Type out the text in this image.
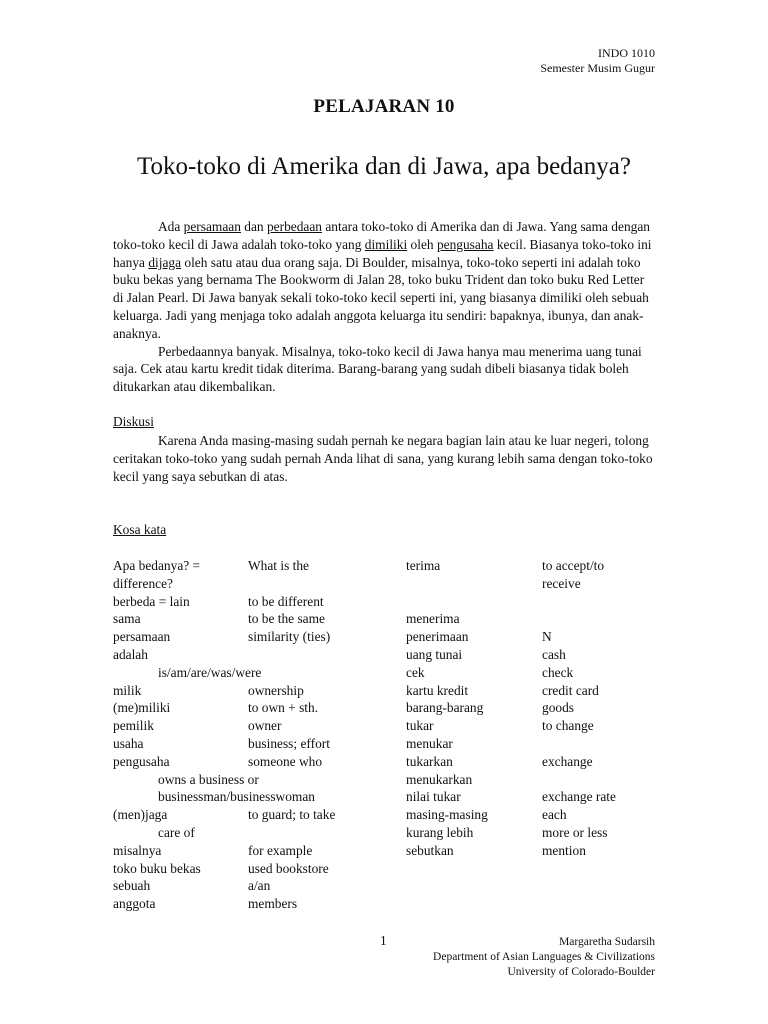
INDO 1010
Semester Musim Gugur
PELAJARAN 10
Toko-toko di Amerika dan di Jawa, apa bedanya?

Ada persamaan dan perbedaan antara toko-toko di Amerika dan di Jawa. Yang sama dengan toko-toko kecil di Jawa adalah toko-toko yang dimiliki oleh pengusaha kecil. Biasanya toko-toko ini hanya dijaga oleh satu atau dua orang saja. Di Boulder, misalnya, toko-toko seperti ini adalah toko buku bekas yang bernama The Bookworm di Jalan 28, toko buku Trident dan toko buku Red Letter di Jalan Pearl. Di Jawa banyak sekali toko-toko kecil seperti ini, yang biasanya dimiliki oleh sebuah keluarga. Jadi yang menjaga toko adalah anggota keluarga itu sendiri: bapaknya, ibunya, dan anak-anaknya.

Perbedaannya banyak. Misalnya, toko-toko kecil di Jawa hanya mau menerima uang tunai saja. Cek atau kartu kredit tidak diterima. Barang-barang yang sudah dibeli biasanya tidak boleh ditukarkan atau dikembalikan.

Diskusi

Karena Anda masing-masing sudah pernah ke negara bagian lain atau ke luar negeri, tolong ceritakan toko-toko yang sudah pernah Anda lihat di sana, yang kurang lebih sama dengan toko-toko kecil yang saya sebutkan di atas.

Kosa kata
Apa bedanya? =	What is the
difference?
berbeda = lain	to be different
sama	to be the same
persamaan	similarity (ties)
adalah
is/am/are/was/were
milik	ownership
(me)miliki	to own + sth.
pemilik	owner
usaha	business; effort
pengusaha	someone who
owns a business or
businessman/businesswoman
(men)jaga	to guard; to take
care of
misalnya	for example
toko buku bekas	used bookstore
sebuah	a/an
anggota	members
terima	to accept/to
receive
menerima
penerimaan	N
uang tunai	cash
cek	check
kartu kredit	credit card
barang-barang	goods
tukar	to change
menukar
tukarkan	exchange
menukarkan
nilai tukar	exchange rate
masing-masing	each
kurang lebih	more or less
sebutkan	mention
1	Margaretha Sudarsih
Department of Asian Languages & Civilizations
University of Colorado-Boulder
